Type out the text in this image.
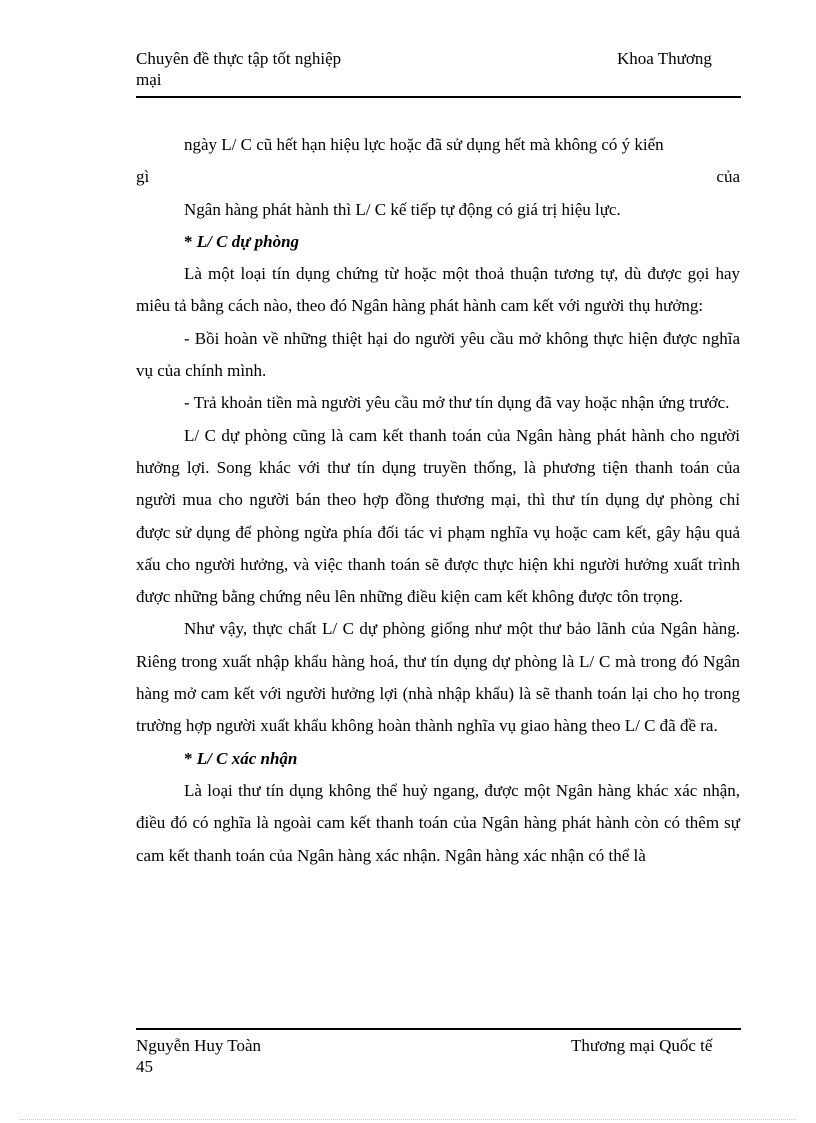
Chuyên đề thực tập tốt nghiệp
mại
Khoa Thương

ngày L/ C cũ hết hạn hiệu lực hoặc đã sử dụng hết mà không có ý kiến

gì của

Ngân hàng phát hành thì L/ C kế tiếp tự động có giá trị hiệu lực.

* L/ C dự phòng

Là một loại tín dụng chứng từ hoặc một thoả thuận tương tự, dù được gọi hay miêu tả bằng cách nào, theo đó Ngân hàng phát hành cam kết với người thụ hưởng:

- Bồi hoàn về những thiệt hại do người yêu cầu mở không thực hiện được nghĩa vụ của chính mình.

- Trả khoản tiền mà người yêu cầu mở thư tín dụng đã vay hoặc nhận ứng trước.

L/ C dự phòng cũng là cam kết thanh toán của Ngân hàng phát hành cho người hưởng lợi. Song khác với thư tín dụng truyền thống, là phương tiện thanh toán của người mua cho người bán theo hợp đồng thương mại, thì thư tín dụng dự phòng chỉ được sử dụng để phòng ngừa phía đối tác vi phạm nghĩa vụ hoặc cam kết, gây hậu quả xấu cho người hưởng, và việc thanh toán sẽ được thực hiện khi người hưởng xuất trình được những bằng chứng nêu lên những điều kiện cam kết không được tôn trọng.

Như vậy, thực chất L/ C dự phòng giống như một thư bảo lãnh của Ngân hàng. Riêng trong xuất nhập khẩu hàng hoá, thư tín dụng dự phòng là L/ C mà trong đó Ngân hàng mở cam kết với người hưởng lợi (nhà nhập khẩu) là sẽ thanh toán lại cho họ trong trường hợp người xuất khẩu không hoàn thành nghĩa vụ giao hàng theo L/ C đã đề ra.

* L/ C xác nhận

Là loại thư tín dụng không thể huỷ ngang, được một Ngân hàng khác xác nhận, điều đó có nghĩa là ngoài cam kết thanh toán của Ngân hàng phát hành còn có thêm sự cam kết thanh toán của Ngân hàng xác nhận. Ngân hàng xác nhận có thể là

Nguyễn Huy Toàn
45
Thương mại Quốc tế
